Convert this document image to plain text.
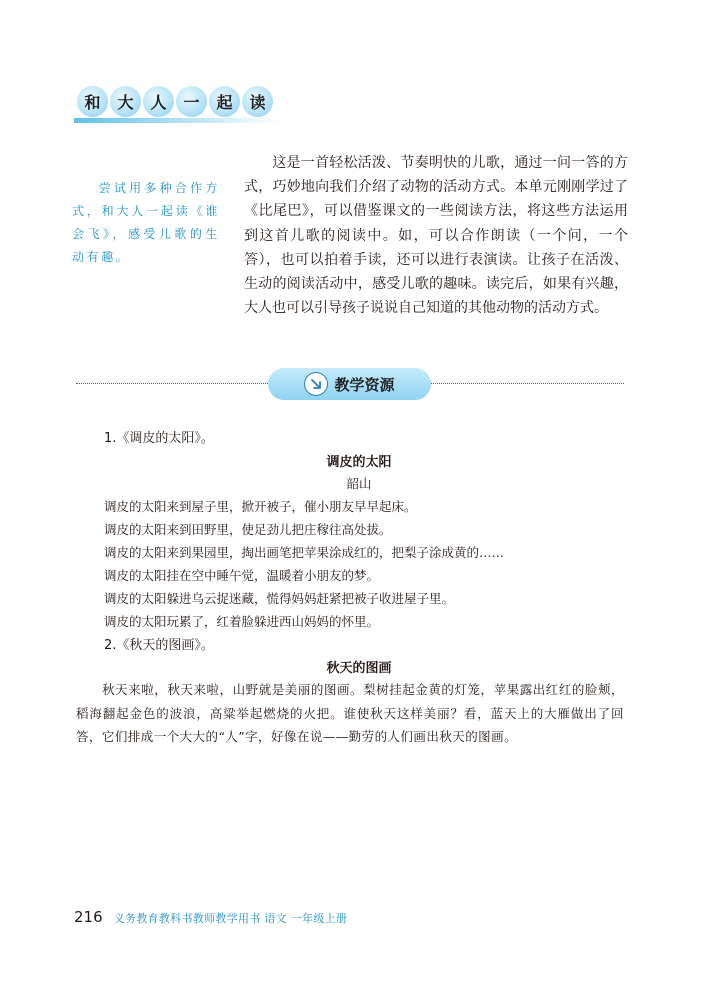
和	大	人	一	起	读
尝试用多种合作方式，和大人一起读《谁会飞》，感受儿歌的生动有趣。
这是一首轻松活泼、节奏明快的儿歌，通过一问一答的方式，巧妙地向我们介绍了动物的活动方式。本单元刚刚学过了《比尾巴》，可以借鉴课文的一些阅读方法，将这些方法运用到这首儿歌的阅读中。如，可以合作朗读（一个问，一个答），也可以拍着手读，还可以进行表演读。让孩子在活泼、生动的阅读活动中，感受儿歌的趣味。读完后，如果有兴趣，大人也可以引导孩子说说自己知道的其他动物的活动方式。
教学资源
1.《调皮的太阳》。
调皮的太阳
韶山
调皮的太阳来到屋子里，掀开被子，催小朋友早早起床。
调皮的太阳来到田野里，使足劲儿把庄稼往高处拔。
调皮的太阳来到果园里，掏出画笔把苹果涂成红的，把梨子涂成黄的……
调皮的太阳挂在空中睡午觉，温暖着小朋友的梦。
调皮的太阳躲进乌云捉迷藏，慌得妈妈赶紧把被子收进屋子里。
调皮的太阳玩累了，红着脸躲进西山妈妈的怀里。
2.《秋天的图画》。
秋天的图画
秋天来啦，秋天来啦，山野就是美丽的图画。梨树挂起金黄的灯笼，苹果露出红红的脸颊，稻海翻起金色的波浪，高粱举起燃烧的火把。谁使秋天这样美丽？看，蓝天上的大雁做出了回答，它们排成一个大大的“人”字，好像在说——勤劳的人们画出秋天的图画。
216 义务教育教科书教师教学用书 语文 一年级上册
